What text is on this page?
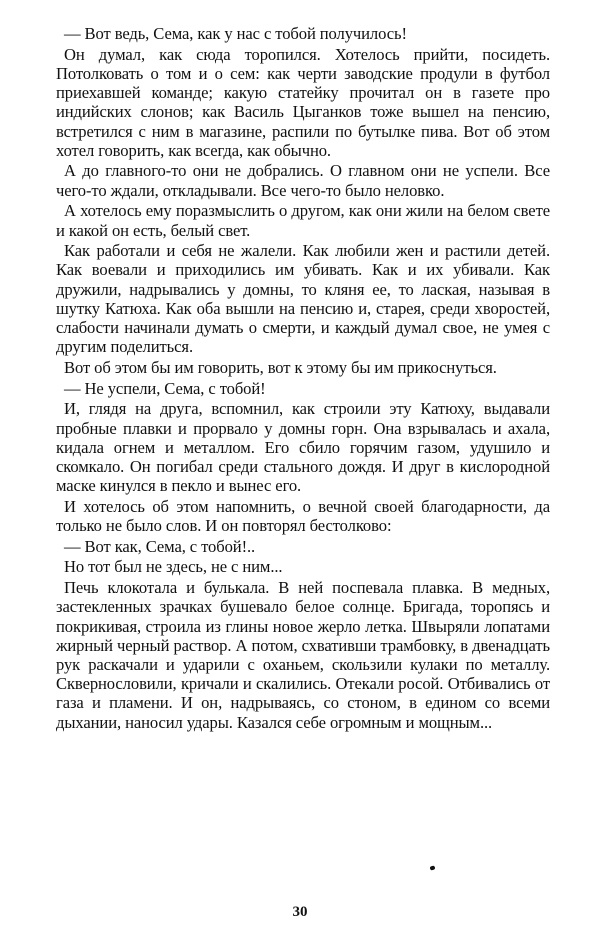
— Вот ведь, Сема, как у нас с тобой получилось!

Он думал, как сюда торопился. Хотелось прийти, посидеть. Потолковать о том и о сем: как черти заводские продули в футбол приехавшей команде; какую статейку прочитал он в газете про индийских слонов; как Василь Цыганков тоже вышел на пенсию, встретился с ним в магазине, распили по бутылке пива. Вот об этом хотел говорить, как всегда, как обычно.

А до главного-то они не добрались. О главном они не успели. Все чего-то ждали, откладывали. Все чего-то было неловко.

А хотелось ему поразмыслить о другом, как они жили на белом свете и какой он есть, белый свет.

Как работали и себя не жалели. Как любили жен и растили детей. Как воевали и приходились им убивать. Как и их убивали. Как дружили, надрывались у домны, то кляня ее, то лаская, называя в шутку Катюха. Как оба вышли на пенсию и, старея, среди хворостей, слабости начинали думать о смерти, и каждый думал свое, не умея с другим поделиться.

Вот об этом бы им говорить, вот к этому бы им прикоснуться.

— Не успели, Сема, с тобой!

И, глядя на друга, вспомнил, как строили эту Катюху, выдавали пробные плавки и прорвало у домны горн. Она взрывалась и ахала, кидала огнем и металлом. Его сбило горячим газом, удушило и скомкало. Он погибал среди стального дождя. И друг в кислородной маске кинулся в пекло и вынес его.

И хотелось об этом напомнить, о вечной своей благодарности, да только не было слов. И он повторял бестолково:

— Вот как, Сема, с тобой!..

Но тот был не здесь, не с ним...

Печь клокотала и булькала. В ней поспевала плавка. В медных, застекленных зрачках бушевало белое солнце. Бригада, торопясь и покрикивая, строила из глины новое жерло летка. Швыряли лопатами жирный черный раствор. А потом, схвативши трамбовку, в двенадцать рук раскачали и ударили с оханьем, скользили кулаки по металлу. Сквернословили, кричали и скалились. Отекали росой. Отбивались от газа и пламени. И он, надрываясь, со стоном, в едином со всеми дыхании, наносил удары. Казался себе огромным и мощным...

30
